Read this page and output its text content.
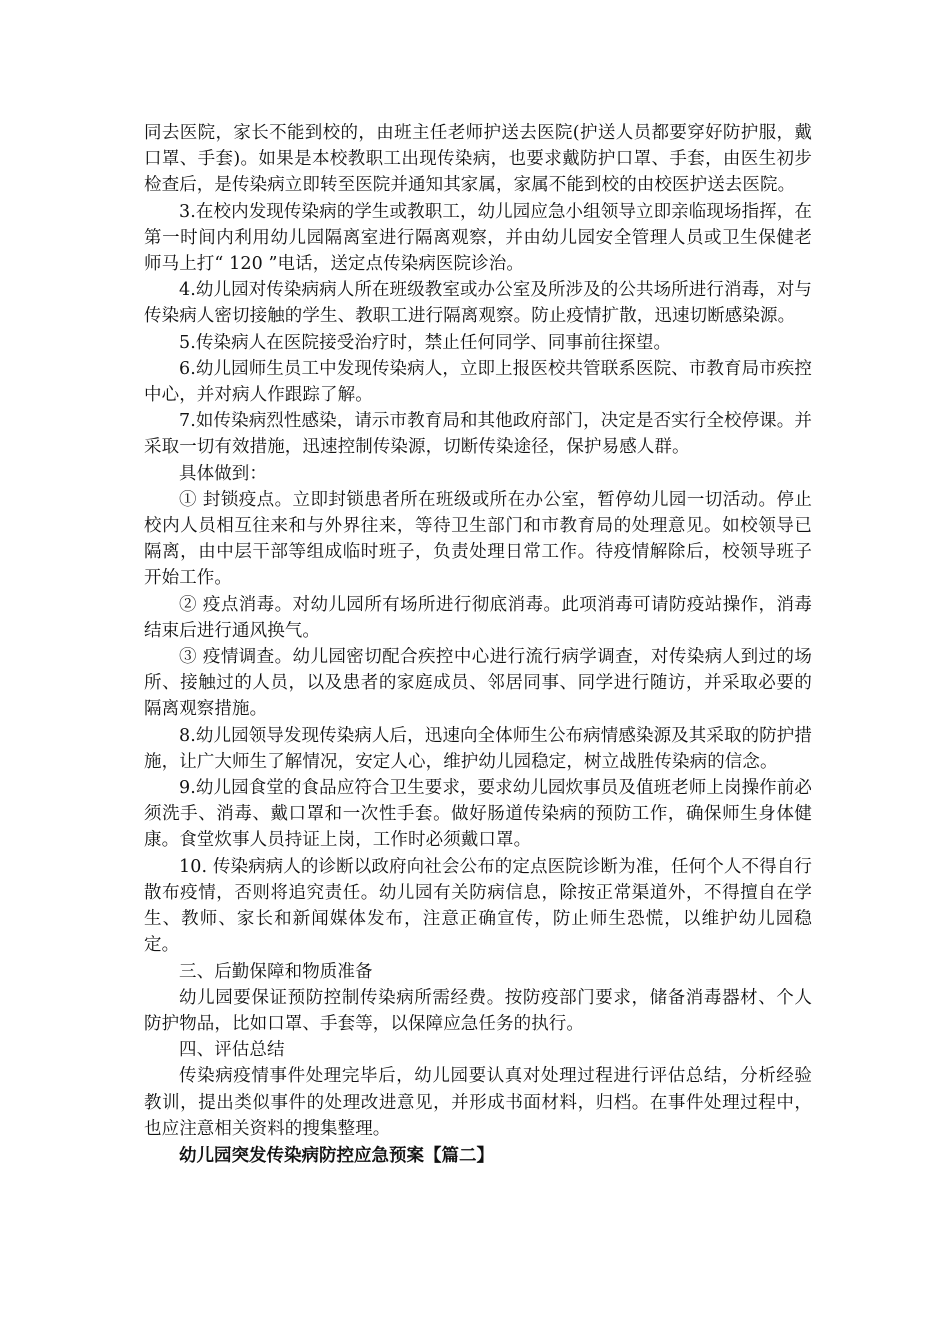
同去医院，家长不能到校的，由班主任老师护送去医院(护送人员都要穿好防护服，戴口罩、手套)。如果是本校教职工出现传染病，也要求戴防护口罩、手套，由医生初步检查后，是传染病立即转至医院并通知其家属，家属不能到校的由校医护送去医院。

3.在校内发现传染病的学生或教职工，幼儿园应急小组领导立即亲临现场指挥，在第一时间内利用幼儿园隔离室进行隔离观察，并由幼儿园安全管理人员或卫生保健老师马上打“ 120 ”电话，送定点传染病医院诊治。

4.幼儿园对传染病病人所在班级教室或办公室及所涉及的公共场所进行消毒，对与传染病人密切接触的学生、教职工进行隔离观察。防止疫情扩散，迅速切断感染源。

5.传染病人在医院接受治疗时，禁止任何同学、同事前往探望。

6.幼儿园师生员工中发现传染病人，立即上报医校共管联系医院、市教育局市疾控中心，并对病人作跟踪了解。

7.如传染病烈性感染，请示市教育局和其他政府部门，决定是否实行全校停课。并采取一切有效措施，迅速控制传染源，切断传染途径，保护易感人群。

具体做到：

① 封锁疫点。立即封锁患者所在班级或所在办公室，暂停幼儿园一切活动。停止校内人员相互往来和与外界往来，等待卫生部门和市教育局的处理意见。如校领导已隔离，由中层干部等组成临时班子，负责处理日常工作。待疫情解除后，校领导班子开始工作。

② 疫点消毒。对幼儿园所有场所进行彻底消毒。此项消毒可请防疫站操作，消毒结束后进行通风换气。

③ 疫情调查。幼儿园密切配合疾控中心进行流行病学调查，对传染病人到过的场所、接触过的人员，以及患者的家庭成员、邻居同事、同学进行随访，并采取必要的隔离观察措施。

8.幼儿园领导发现传染病人后，迅速向全体师生公布病情感染源及其采取的防护措施，让广大师生了解情况，安定人心，维护幼儿园稳定，树立战胜传染病的信念。

9.幼儿园食堂的食品应符合卫生要求，要求幼儿园炊事员及值班老师上岗操作前必须洗手、消毒、戴口罩和一次性手套。做好肠道传染病的预防工作，确保师生身体健康。食堂炊事人员持证上岗，工作时必须戴口罩。

10. 传染病病人的诊断以政府向社会公布的定点医院诊断为准，任何个人不得自行散布疫情，否则将追究责任。幼儿园有关防病信息，除按正常渠道外，不得擅自在学生、教师、家长和新闻媒体发布，注意正确宣传，防止师生恐慌，以维护幼儿园稳定。

三、后勤保障和物质准备

幼儿园要保证预防控制传染病所需经费。按防疫部门要求，储备消毒器材、个人防护物品，比如口罩、手套等，以保障应急任务的执行。

四、评估总结

传染病疫情事件处理完毕后，幼儿园要认真对处理过程进行评估总结，分析经验教训，提出类似事件的处理改进意见，并形成书面材料，归档。在事件处理过程中，也应注意相关资料的搜集整理。

幼儿园突发传染病防控应急预案【篇二】
